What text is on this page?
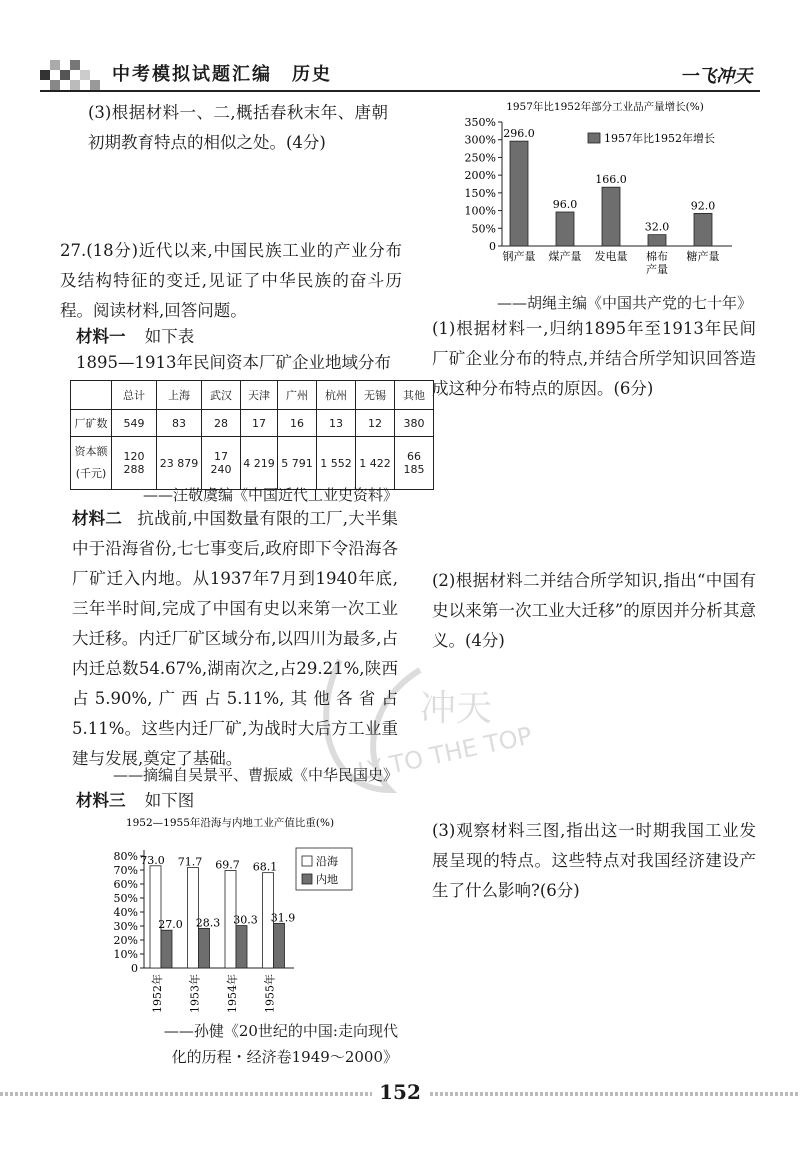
中考模拟试题汇编　历史	一飞冲天
(3)根据材料一、二,概括春秋末年、唐朝初期教育特点的相似之处。(4分)
27.(18分)近代以来,中国民族工业的产业分布及结构特征的变迁,见证了中华民族的奋斗历程。阅读材料,回答问题。
材料一 如下表
1895—1913年民间资本厂矿企业地域分布
	总计	上海	武汉	天津	广州	杭州	无锡	其他
厂矿数	549	83	28	17	16	13	12	380

资本额
(千元)	120 288	23 879	17 240	4 219	5 791	1 552	1 422	66 185
——汪敬虞编《中国近代工业史资料》
材料二 抗战前,中国数量有限的工厂,大半集中于沿海省份,七七事变后,政府即下令沿海各厂矿迁入内地。从1937年7月到1940年底,三年半时间,完成了中国有史以来第一次工业大迁移。内迁厂矿区域分布,以四川为最多,占内迁总数54.67%,湖南次之,占29.21%,陕西占5.90%,广西占5.11%,其他各省占5.11%。这些内迁厂矿,为战时大后方工业重建与发展,奠定了基础。
——摘编自吴景平、曹振威《中华民国史》
材料三 如下图
1952—1955年沿海与内地工业产值比重(%)
0
10%
20%
30%
40%
50%
60%
70%
80% 73.0
27.0
1952年
71.7
28.3
1953年
69.7
30.3
1954年
68.1
31.9
1955年
沿海
内地
——孙健《20世纪的中国:走向现代
化的历程・经济卷1949～2000》
1957年比1952年部分工业品产量增长(%)
0
50%
100%
150%
200%
250%
300%
350%
296.0
钢产量
96.0
煤产量
166.0
发电量
32.0
棉布
产量
92.0
糖产量
1957年比1952年增长
——胡绳主编《中国共产党的七十年》
(1)根据材料一,归纳1895年至1913年民间厂矿企业分布的特点,并结合所学知识回答造成这种分布特点的原因。(6分)
(2)根据材料二并结合所学知识,指出“中国有史以来第一次工业大迁移”的原因并分析其意义。(4分)
(3)观察材料三图,指出这一时期我国工业发展呈现的特点。这些特点对我国经济建设产生了什么影响?(6分)
冲天
LY TO THE TOP
152
